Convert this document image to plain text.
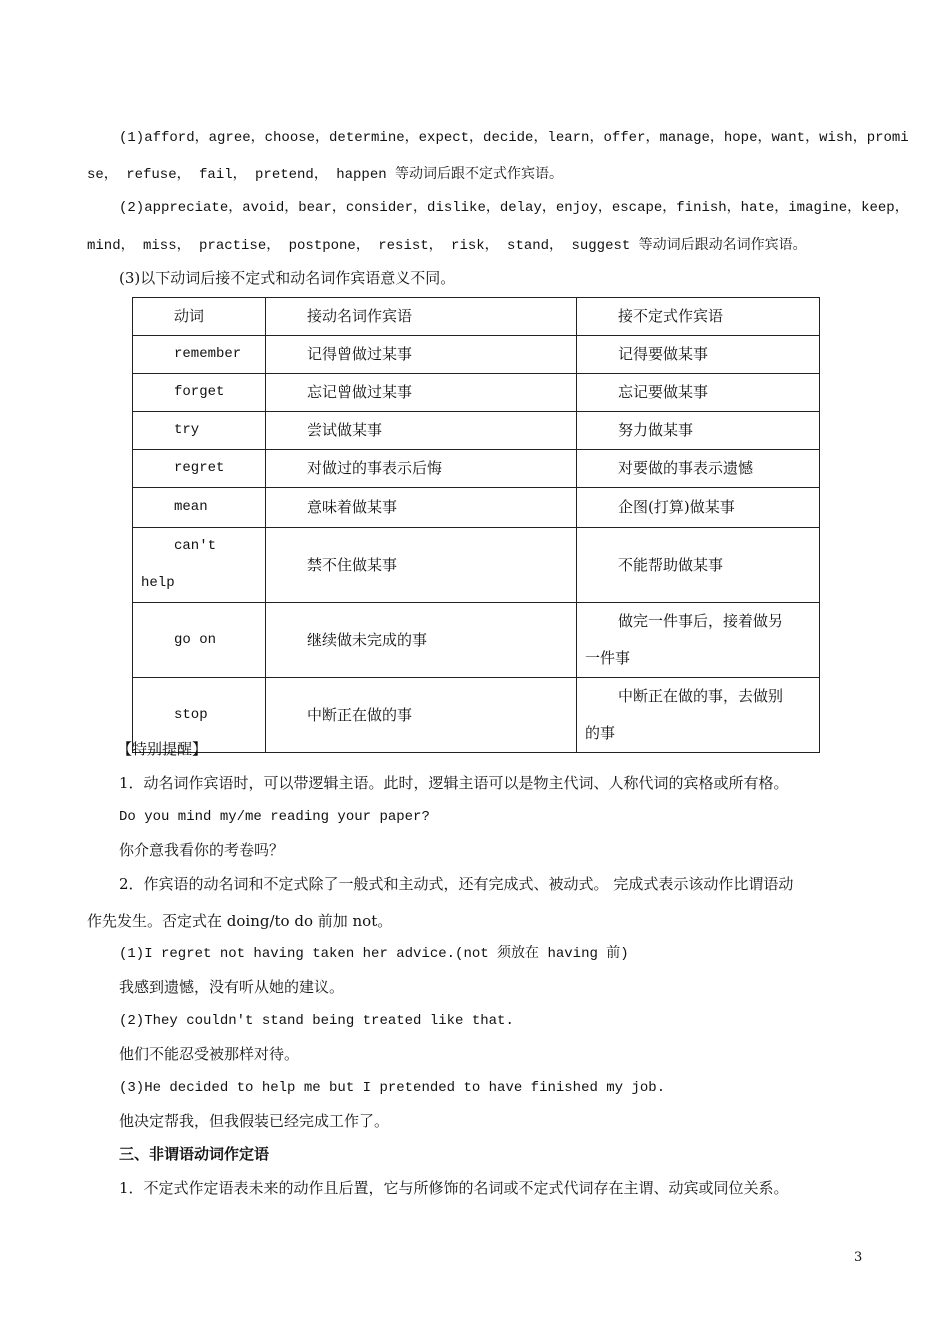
(1)afford，agree，choose，determine，expect，decide，learn，offer，manage，hope，want，wish，promi
se， refuse， fail， pretend， happen 等动词后跟不定式作宾语。
(2)appreciate，avoid，bear，consider，dislike，delay，enjoy，escape，finish，hate，imagine，keep，
mind， miss， practise， postpone， resist， risk， stand， suggest 等动词后跟动名词作宾语。
(3)以下动词后接不定式和动名词作宾语意义不同。
动词	接动名词作宾语	接不定式作宾语

remember	记得曾做过某事	记得要做某事

forget	忘记曾做过某事	忘记要做某事

try	尝试做某事	努力做某事

regret	对做过的事表示后悔	对要做的事表示遗憾

mean	意味着做某事	企图(打算)做某事

can't
help	禁不住做某事	不能帮助做某事

go on	继续做未完成的事	做完一件事后，接着做另
一件事

stop	中断正在做的事	中断正在做的事，去做别
的事
【特别提醒】
1．动名词作宾语时，可以带逻辑主语。此时，逻辑主语可以是物主代词、人称代词的宾格或所有格。
Do you mind my/me reading your paper?
你介意我看你的考卷吗？
2．作宾语的动名词和不定式除了一般式和主动式，还有完成式、被动式。 完成式表示该动作比谓语动
作先发生。否定式在 doing/to do 前加 not。
(1)I regret not having taken her advice.(not 须放在 having 前)
我感到遗憾，没有听从她的建议。
(2)They couldn't stand being treated like that.
他们不能忍受被那样对待。
(3)He decided to help me but I pretended to have finished my job.
他决定帮我，但我假装已经完成工作了。
三、非谓语动词作定语
1．不定式作定语表未来的动作且后置，它与所修饰的名词或不定式代词存在主谓、动宾或同位关系。
3
